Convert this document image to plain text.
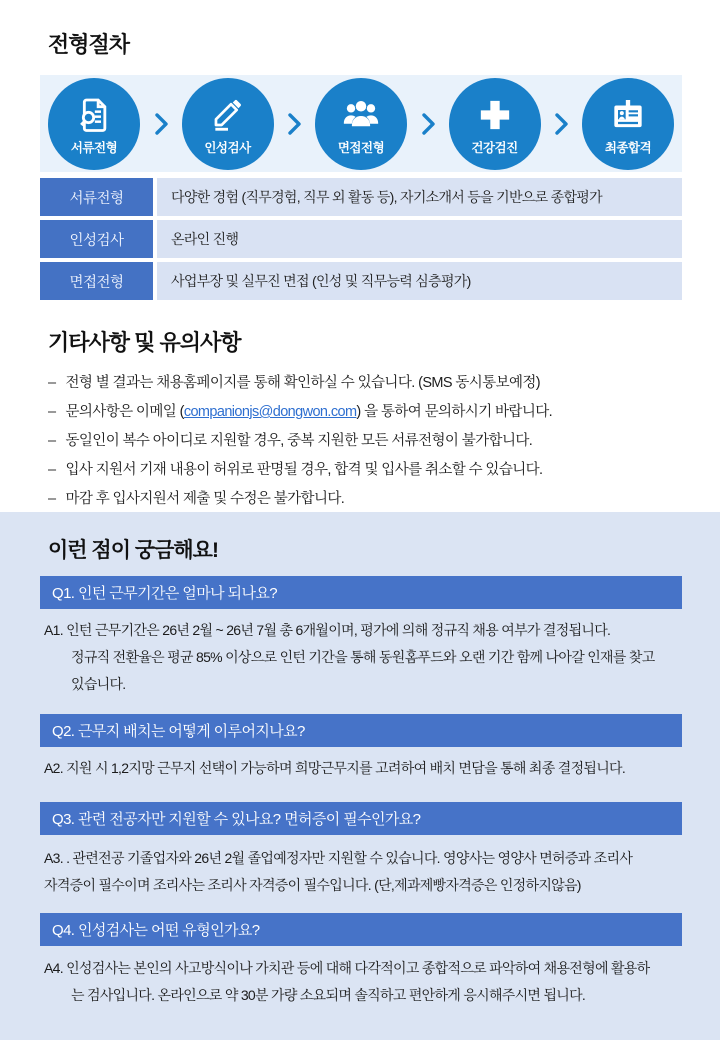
전형절차
서류전형	인성검사	면접전형	건강검진	최종합격
서류전형	다양한 경험 (직무경험, 직무 외 활동 등), 자기소개서 등을 기반으로 종합평가
인성검사	온라인 진행
면접전형	사업부장 및 실무진 면접 (인성 및 직무능력 심층평가)
기타사항 및 유의사항
– 전형 별 결과는 채용홈페이지를 통해 확인하실 수 있습니다. (SMS 동시통보예정)
– 문의사항은 이메일 (companionjs@dongwon.com) 을 통하여 문의하시기 바랍니다.
– 동일인이 복수 아이디로 지원할 경우, 중복 지원한 모든 서류전형이 불가합니다.
– 입사 지원서 기재 내용이 허위로 판명될 경우, 합격 및 입사를 취소할 수 있습니다.
– 마감 후 입사지원서 제출 및 수정은 불가합니다.
이런 점이 궁금해요!
Q1. 인턴 근무기간은 얼마나 되나요?
A1. 인턴 근무기간은 26년 2월 ~ 26년 7월 총 6개월이며, 평가에 의해 정규직 채용 여부가 결정됩니다.
정규직 전환율은 평균 85% 이상으로 인턴 기간을 통해 동원홈푸드와 오랜 기간 함께 나아갈 인재를 찾고
있습니다.
Q2. 근무지 배치는 어떻게 이루어지나요?
A2. 지원 시 1,2지망 근무지 선택이 가능하며 희망근무지를 고려하여 배치 면담을 통해 최종 결정됩니다.
Q3. 관련 전공자만 지원할 수 있나요? 면허증이 필수인가요?
A3. . 관련전공 기졸업자와 26년 2월 졸업예정자만 지원할 수 있습니다. 영양사는 영양사 면허증과 조리사
자격증이 필수이며 조리사는 조리사 자격증이 필수입니다. (단,제과제빵자격증은 인정하지않음)
Q4. 인성검사는 어떤 유형인가요?
A4. 인성검사는 본인의 사고방식이나 가치관 등에 대해 다각적이고 종합적으로 파악하여 채용전형에 활용하
는 검사입니다. 온라인으로 약 30분 가량 소요되며 솔직하고 편안하게 응시해주시면 됩니다.
